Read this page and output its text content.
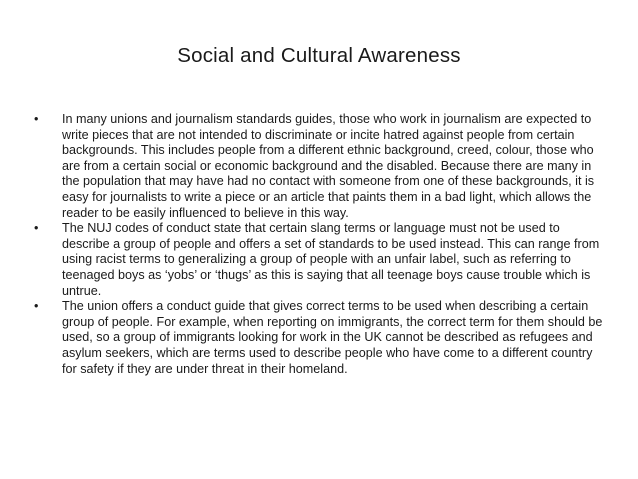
Social and Cultural Awareness
•	In many unions and journalism standards guides, those who work in journalism are expected to write pieces that are not intended to discriminate or incite hatred against people from certain backgrounds. This includes people from a different ethnic background, creed, colour, those who are from a certain social or economic background and the disabled. Because there are many in the population that may have had no contact with someone from one of these backgrounds, it is easy for journalists to write a piece or an article that paints them in a bad light, which allows the reader to be easily influenced to believe in this way.
•	The NUJ codes of conduct state that certain slang terms or language must not be used to describe a group of people and offers a set of standards to be used instead. This can range from using racist terms to generalizing a group of people with an unfair label, such as referring to teenaged boys as ‘yobs’ or ‘thugs’ as this is saying that all teenage boys cause trouble which is untrue.
•	The union offers a conduct guide that gives correct terms to be used when describing a certain group of people. For example, when reporting on immigrants, the correct term for them should be used, so a group of immigrants looking for work in the UK cannot be described as refugees and asylum seekers, which are terms used to describe people who have come to a different country for safety if they are under threat in their homeland.
